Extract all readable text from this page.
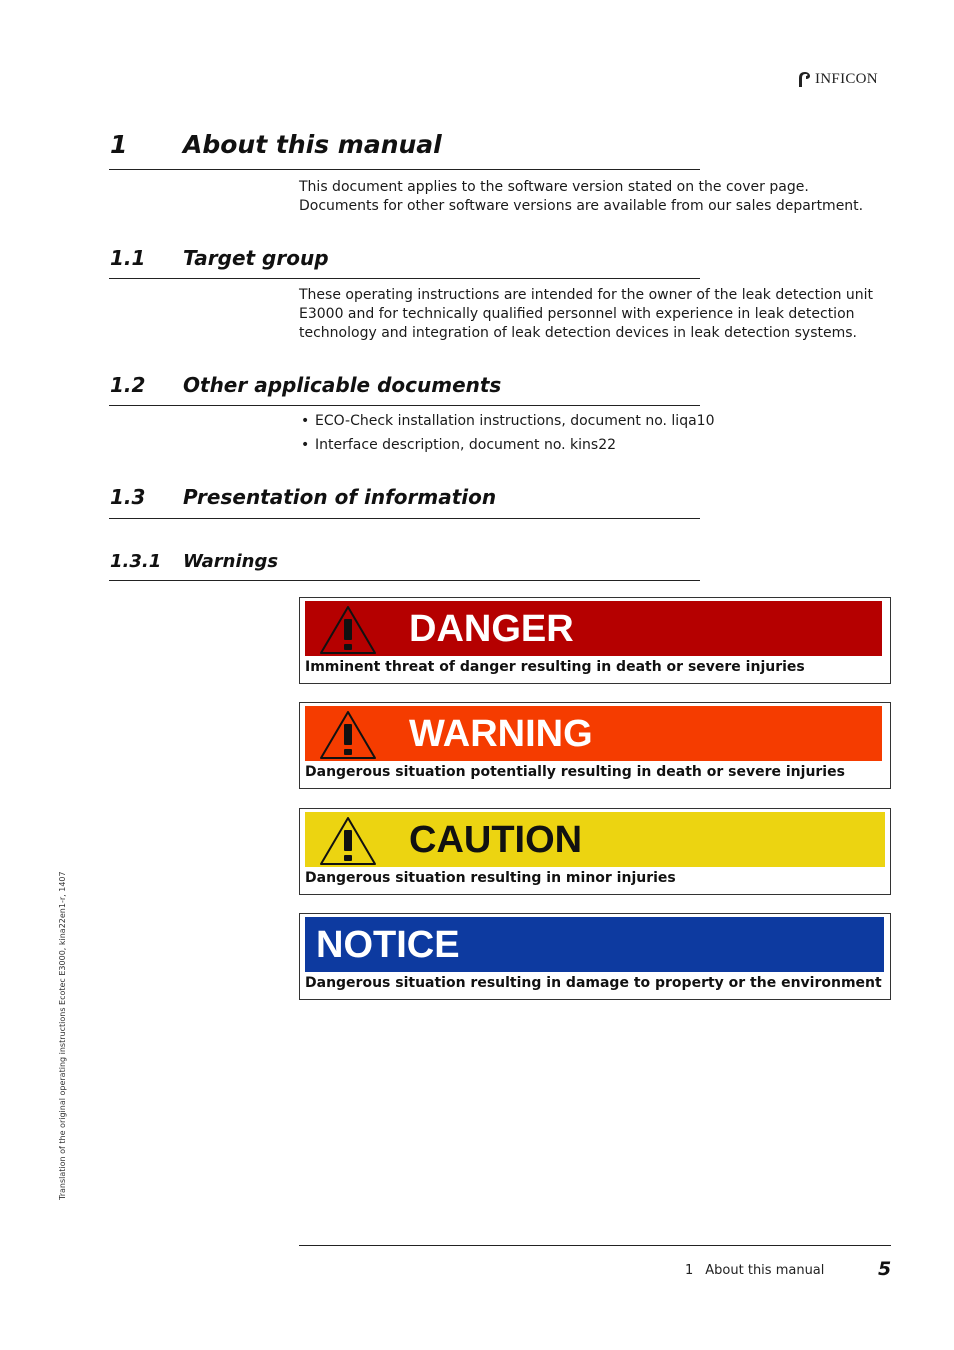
INFICON
1 About this manual
This document applies to the software version stated on the cover page. Documents for other software versions are available from our sales department.
1.1 Target group
These operating instructions are intended for the owner of the leak detection unit E3000 and for technically qualified personnel with experience in leak detection technology and integration of leak detection devices in leak detection systems.
1.2 Other applicable documents
• ECO-Check installation instructions, document no. liqa10
• Interface description, document no. kins22
1.3 Presentation of information
1.3.1 Warnings
DANGER
Imminent threat of danger resulting in death or severe injuries
WARNING
Dangerous situation potentially resulting in death or severe injuries
CAUTION
Dangerous situation resulting in minor injuries
NOTICE
Dangerous situation resulting in damage to property or the environment
Translation of the original operating instructions Ecotec E3000, kina22en1-r, 1407
1 About this manual	5
